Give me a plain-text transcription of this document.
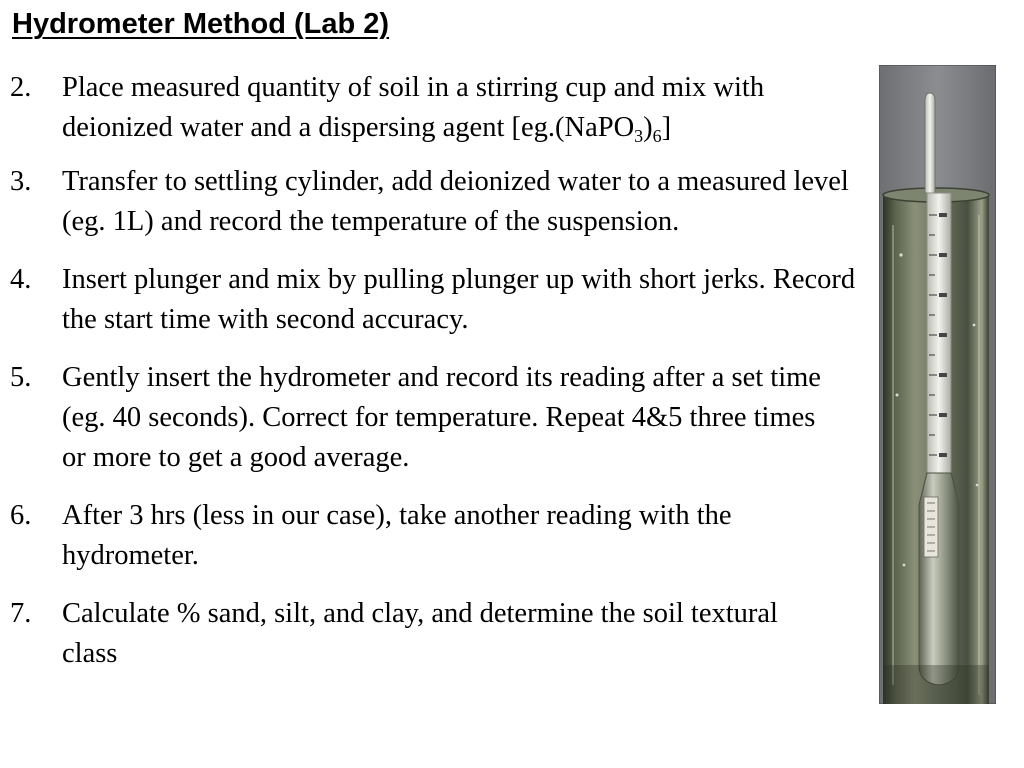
Hydrometer Method (Lab 2)
2. Place measured quantity of soil in a stirring cup and mix with deionized water and a dispersing agent $[eg.(NaPO_3)_6]$
3. Transfer to settling cylinder, add deionized water to a measured level (eg. 1L) and record the temperature of the suspension.
4. Insert plunger and mix by pulling plunger up with short jerks. Record the start time with second accuracy.
5. Gently insert the hydrometer and record its reading after a set time (eg. 40 seconds). Correct for temperature. Repeat 4&5 three times or more to get a good average.
6. After 3 hrs (less in our case), take another reading with the hydrometer.
7. Calculate % sand, silt, and clay, and determine the soil textural class
